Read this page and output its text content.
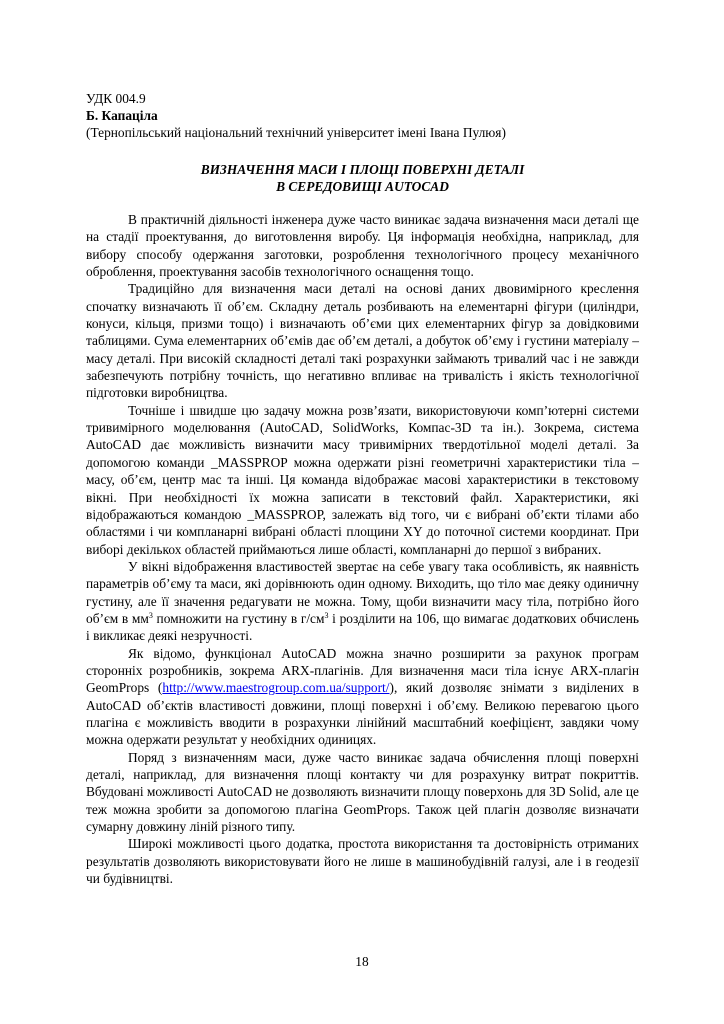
УДК 004.9

Б. Капаціла

(Тернопільський національний технічний університет імені Івана Пулюя)

ВИЗНАЧЕННЯ МАСИ І ПЛОЩІ ПОВЕРХНІ ДЕТАЛІ
В СЕРЕДОВИЩІ AUTOCAD

В практичній діяльності інженера дуже часто виникає задача визначення маси деталі ще на стадії проектування, до виготовлення виробу. Ця інформація необхідна, наприклад, для вибору способу одержання заготовки, розроблення технологічного процесу механічного оброблення, проектування засобів технологічного оснащення тощо.

Традиційно для визначення маси деталі на основі даних двовимірного креслення спочатку визначають її об’єм. Складну деталь розбивають на елементарні фігури (циліндри, конуси, кільця, призми тощо) і визначають об’єми цих елементарних фігур за довідковими таблицями. Сума елементарних об’ємів дає об’єм деталі, а добуток об’єму і густини матеріалу – масу деталі. При високій складності деталі такі розрахунки займають тривалий час і не завжди забезпечують потрібну точність, що негативно впливає на тривалість і якість технологічної підготовки виробництва.

Точніше і швидше цю задачу можна розв’язати, використовуючи комп’ютерні системи тривимірного моделювання (AutoCAD, SolidWorks, Компас-3D та ін.). Зокрема, система AutoCAD дає можливість визначити масу тривимірних твердотільної моделі деталі. За допомогою команди _MASSPROP можна одержати різні геометричні характеристики тіла – масу, об’єм, центр мас та інші. Ця команда відображає масові характеристики в текстовому вікні. При необхідності їх можна записати в текстовий файл. Характеристики, які відображаються командою _MASSPROP, залежать від того, чи є вибрані об’єкти тілами або областями і чи компланарні вибрані області площини XY до поточної системи координат. При виборі декількох областей приймаються лише області, компланарні до першої з вибраних.

У вікні відображення властивостей звертає на себе увагу така особливість, як наявність параметрів об’єму та маси, які дорівнюють один одному. Виходить, що тіло має деяку одиничну густину, але її значення редагувати не можна. Тому, щоби визначити масу тіла, потрібно його об’єм в $мм^3$ помножити на густину в $г/см^3$ і розділити на 106, що вимагає додаткових обчислень і викликає деякі незручності.

Як відомо, функціонал AutoCAD можна значно розширити за рахунок програм сторонніх розробників, зокрема ARX-плагінів. Для визначення маси тіла існує ARX-плагін GeomProps (http://www.maestrogroup.com.ua/support/), який дозволяє знімати з виділених в AutoCAD об’єктів властивості довжини, площі поверхні і об’єму. Великою перевагою цього плагіна є можливість вводити в розрахунки лінійний масштабний коефіцієнт, завдяки чому можна одержати результат у необхідних одиницях.

Поряд з визначенням маси, дуже часто виникає задача обчислення площі поверхні деталі, наприклад, для визначення площі контакту чи для розрахунку витрат покриттів. Вбудовані можливості AutoCAD не дозволяють визначити площу поверхонь для 3D Solid, але це теж можна зробити за допомогою плагіна GeomProps. Також цей плагін дозволяє визначати сумарну довжину ліній різного типу.

Широкі можливості цього додатка, простота використання та достовірність отриманих результатів дозволяють використовувати його не лише в машинобудівній галузі, але і в геодезії чи будівництві.

18
